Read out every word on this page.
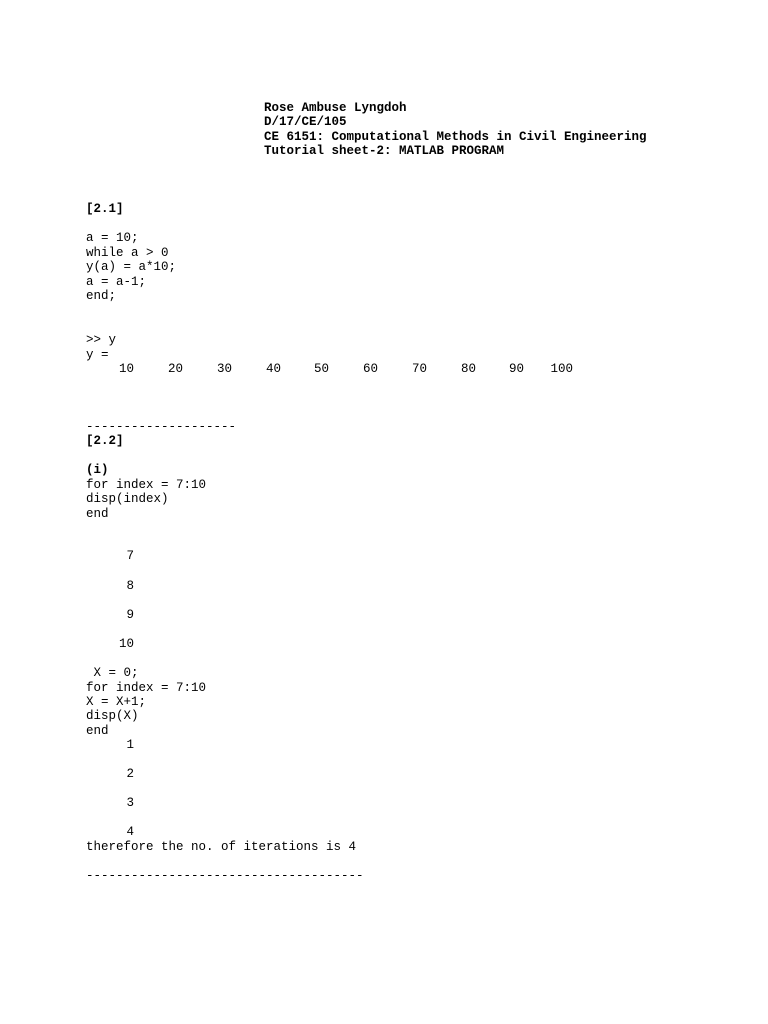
Rose Ambuse Lyngdoh
D/17/CE/105
CE 6151: Computational Methods in Civil Engineering
Tutorial sheet-2: MATLAB PROGRAM
[2.1]
a = 10;
while a > 0
y(a) = a*10;
a = a-1;
end;
>> y
y =
10	20	30	40	50	60	70	80	90	100
--------------------
[2.2]
(i)
for index = 7:10
disp(index)
end
7
8
9
10
X = 0;
for index = 7:10
X = X+1;
disp(X)
end
1
2
3
4
therefore the no. of iterations is 4
-------------------------------------
